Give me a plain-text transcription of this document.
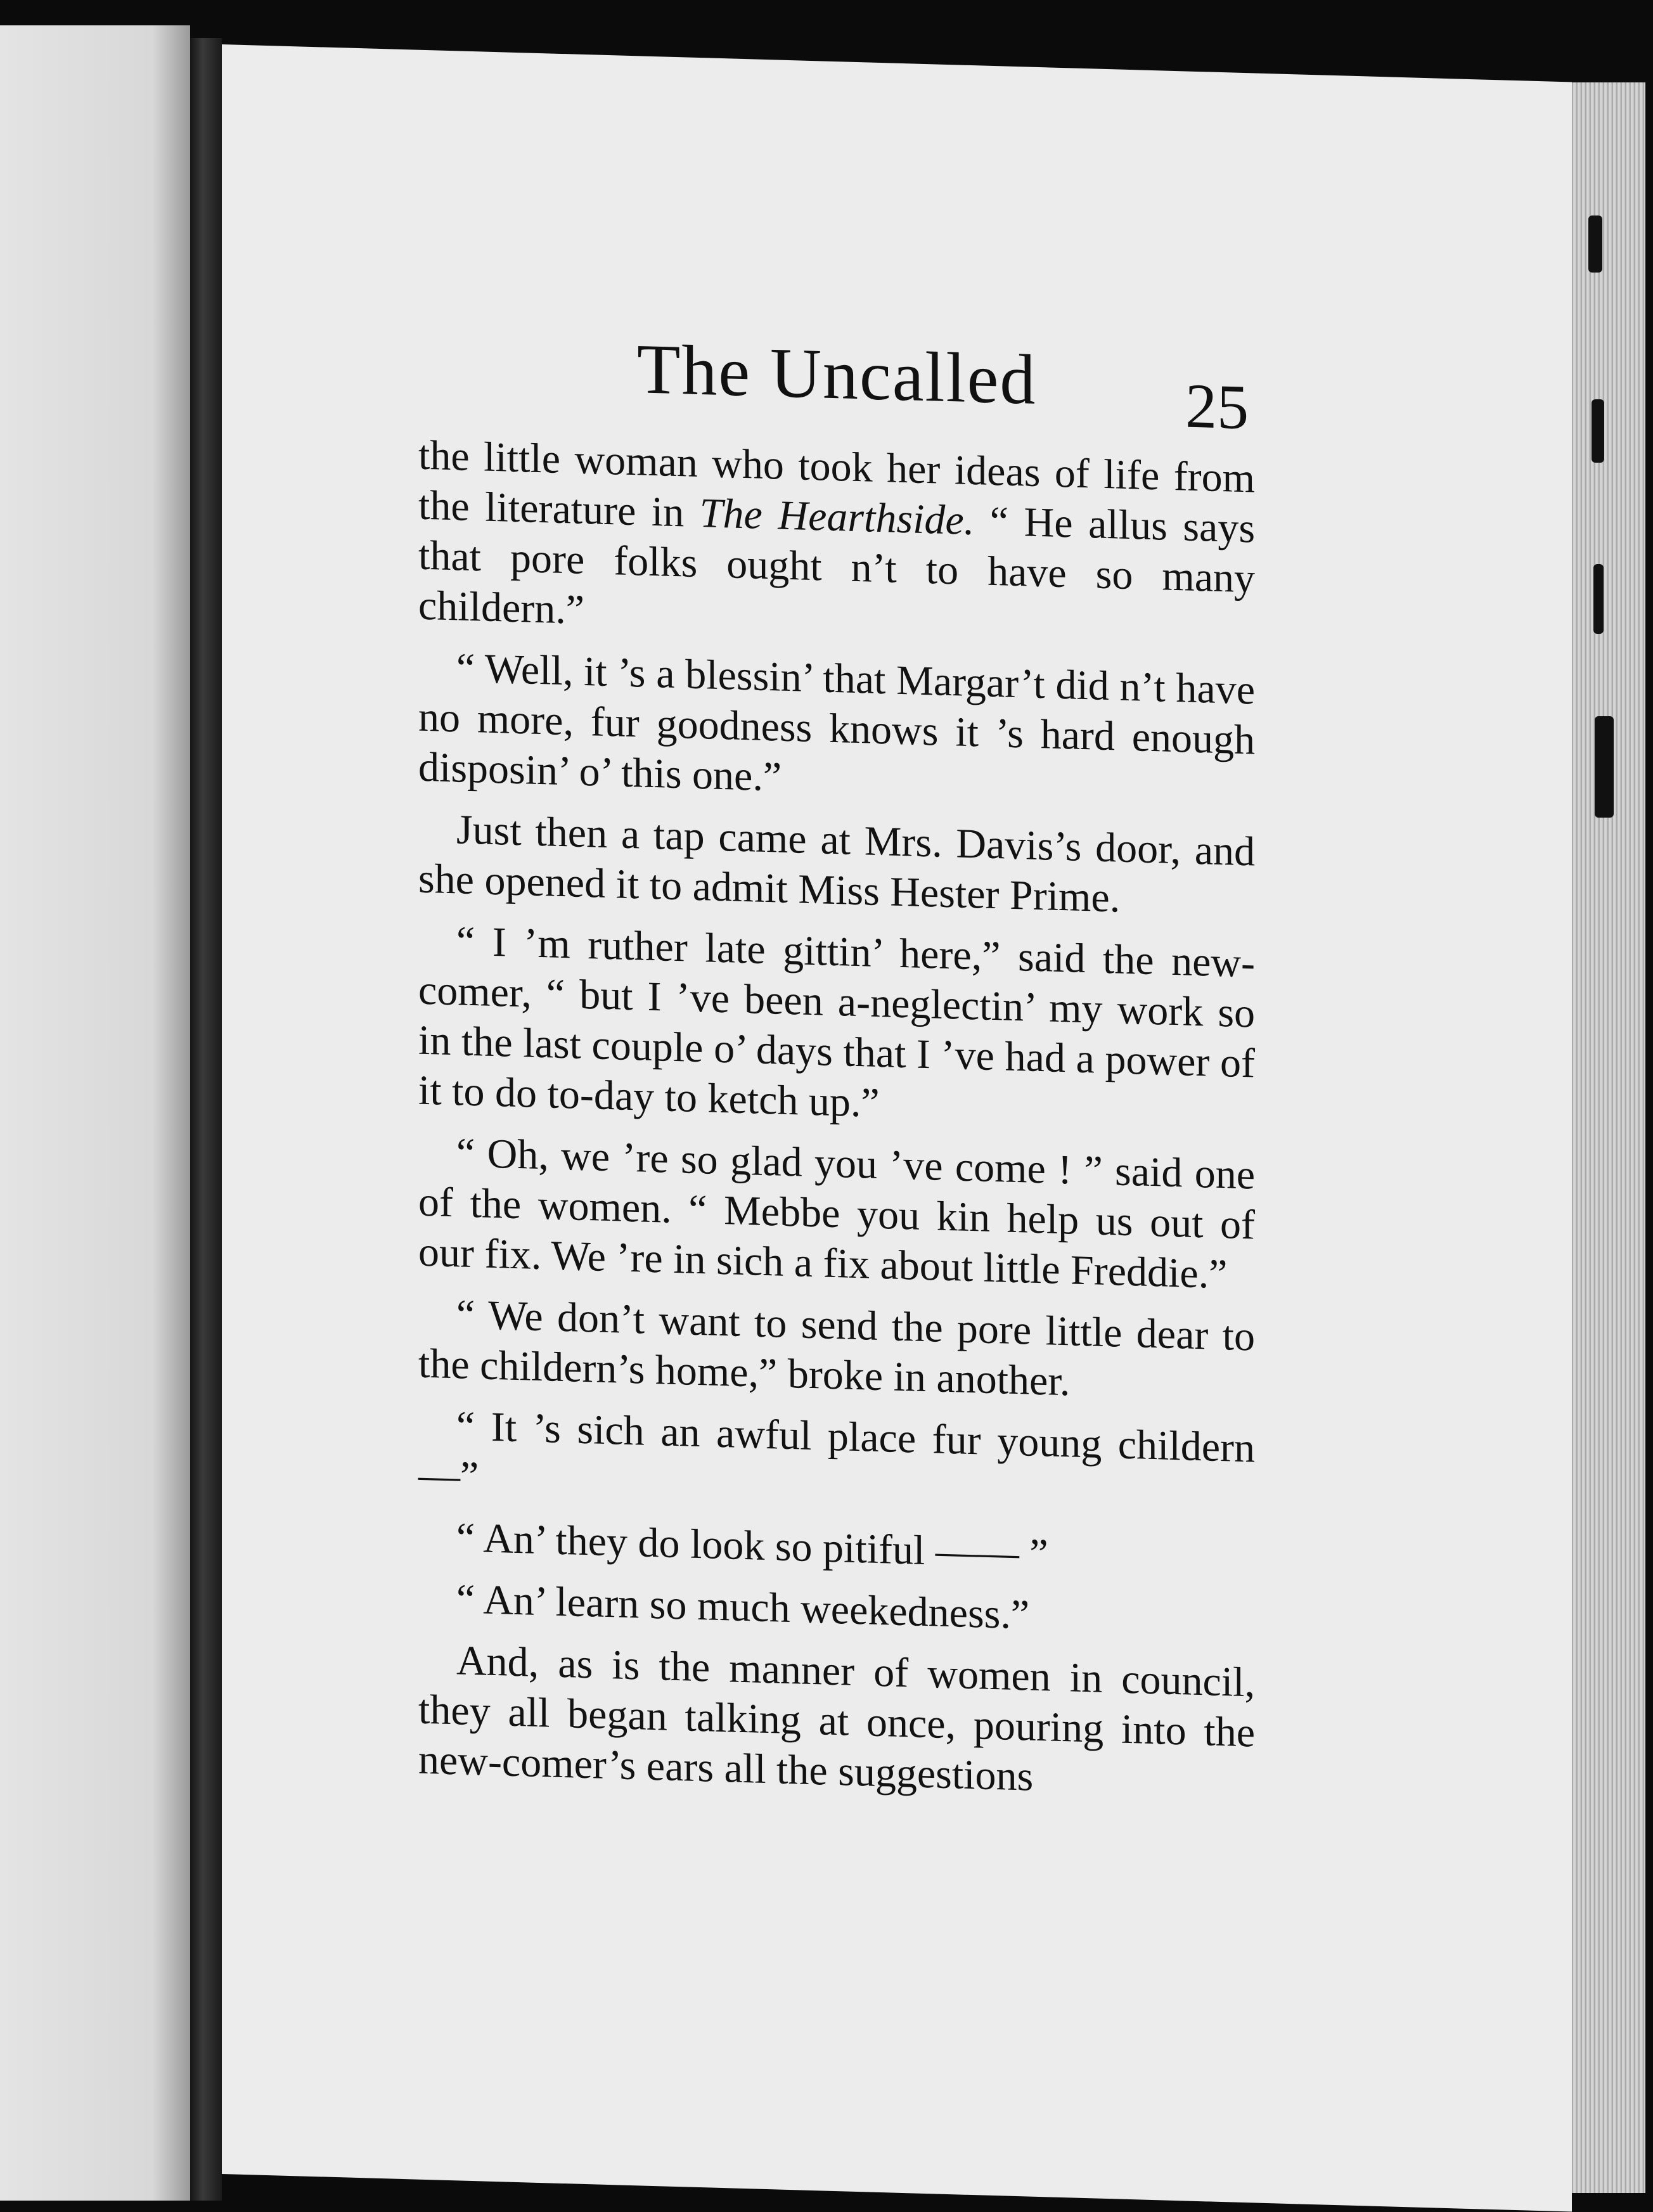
The Uncalled 25

the little woman who took her ideas of life from the literature in The Hearthside. “ He allus says that pore folks ought n’t to have so many childern.”

“ Well, it ’s a blessin’ that Margar’t did n’t have no more, fur goodness knows it ’s hard enough disposin’ o’ this one.”

Just then a tap came at Mrs. Davis’s door, and she opened it to admit Miss Hester Prime.

“ I ’m ruther late gittin’ here,” said the new-comer, “ but I ’ve been a-neglectin’ my work so in the last couple o’ days that I ’ve had a power of it to do to-day to ketch up.”

“ Oh, we ’re so glad you ’ve come ! ” said one of the women. “ Mebbe you kin help us out of our fix. We ’re in sich a fix about little Freddie.”

“ We don’t want to send the pore little dear to the childern’s home,” broke in another.

“ It ’s sich an awful place fur young childern —”

“ An’ they do look so pitiful —— ”

“ An’ learn so much weekedness.”

And, as is the manner of women in council, they all began talking at once, pouring into the new-comer’s ears all the suggestions
